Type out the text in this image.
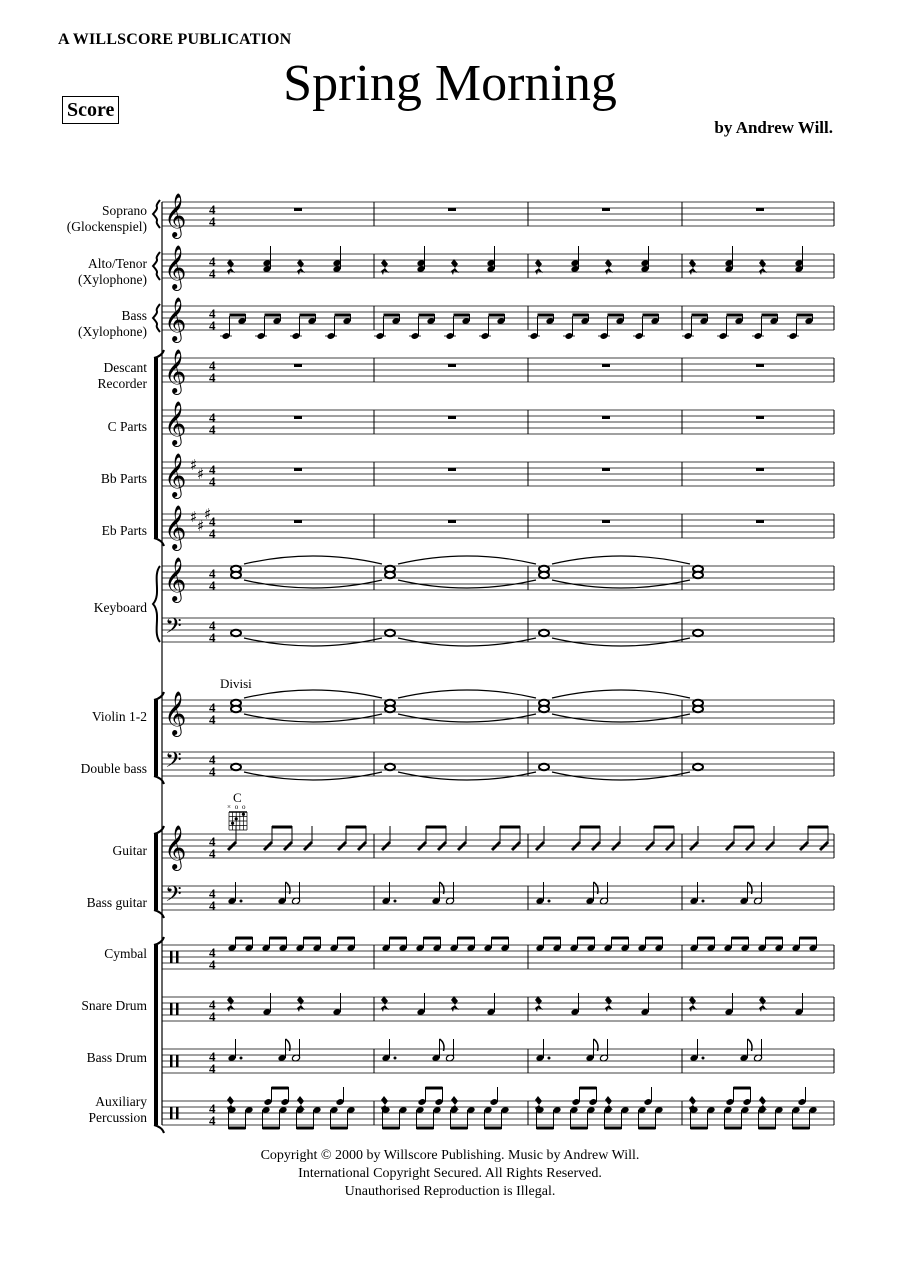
A WILLSCORE PUBLICATION
Spring Morning
Score
by Andrew Will.
𝄞 4
4
𝄞 4
4
𝄞 4
4
𝄞 4
4
𝄞 4
4
𝄞 ♯ ♯ 4
4
𝄞 ♯ ♯
♯
4
4
𝄞 4
4
𝄢 4
4
𝄞 4
4
𝄢 4
4
𝄞 4
4
𝄢 4
4
4
4
4
4
4
4
4
4
Soprano
(Glockenspiel)
Alto/Tenor
(Xylophone)
Bass
(Xylophone)
Descant
Recorder
C Parts
Bb Parts
Eb Parts
Keyboard
Violin 1-2
Double bass
Guitar
Bass guitar
Cymbal
Snare Drum
Bass Drum
Auxiliary
Percussion
Divisi
C
× o o
Copyright © 2000 by Willscore Publishing. Music by Andrew Will.
International Copyright Secured. All Rights Reserved.
Unauthorised Reproduction is Illegal.
